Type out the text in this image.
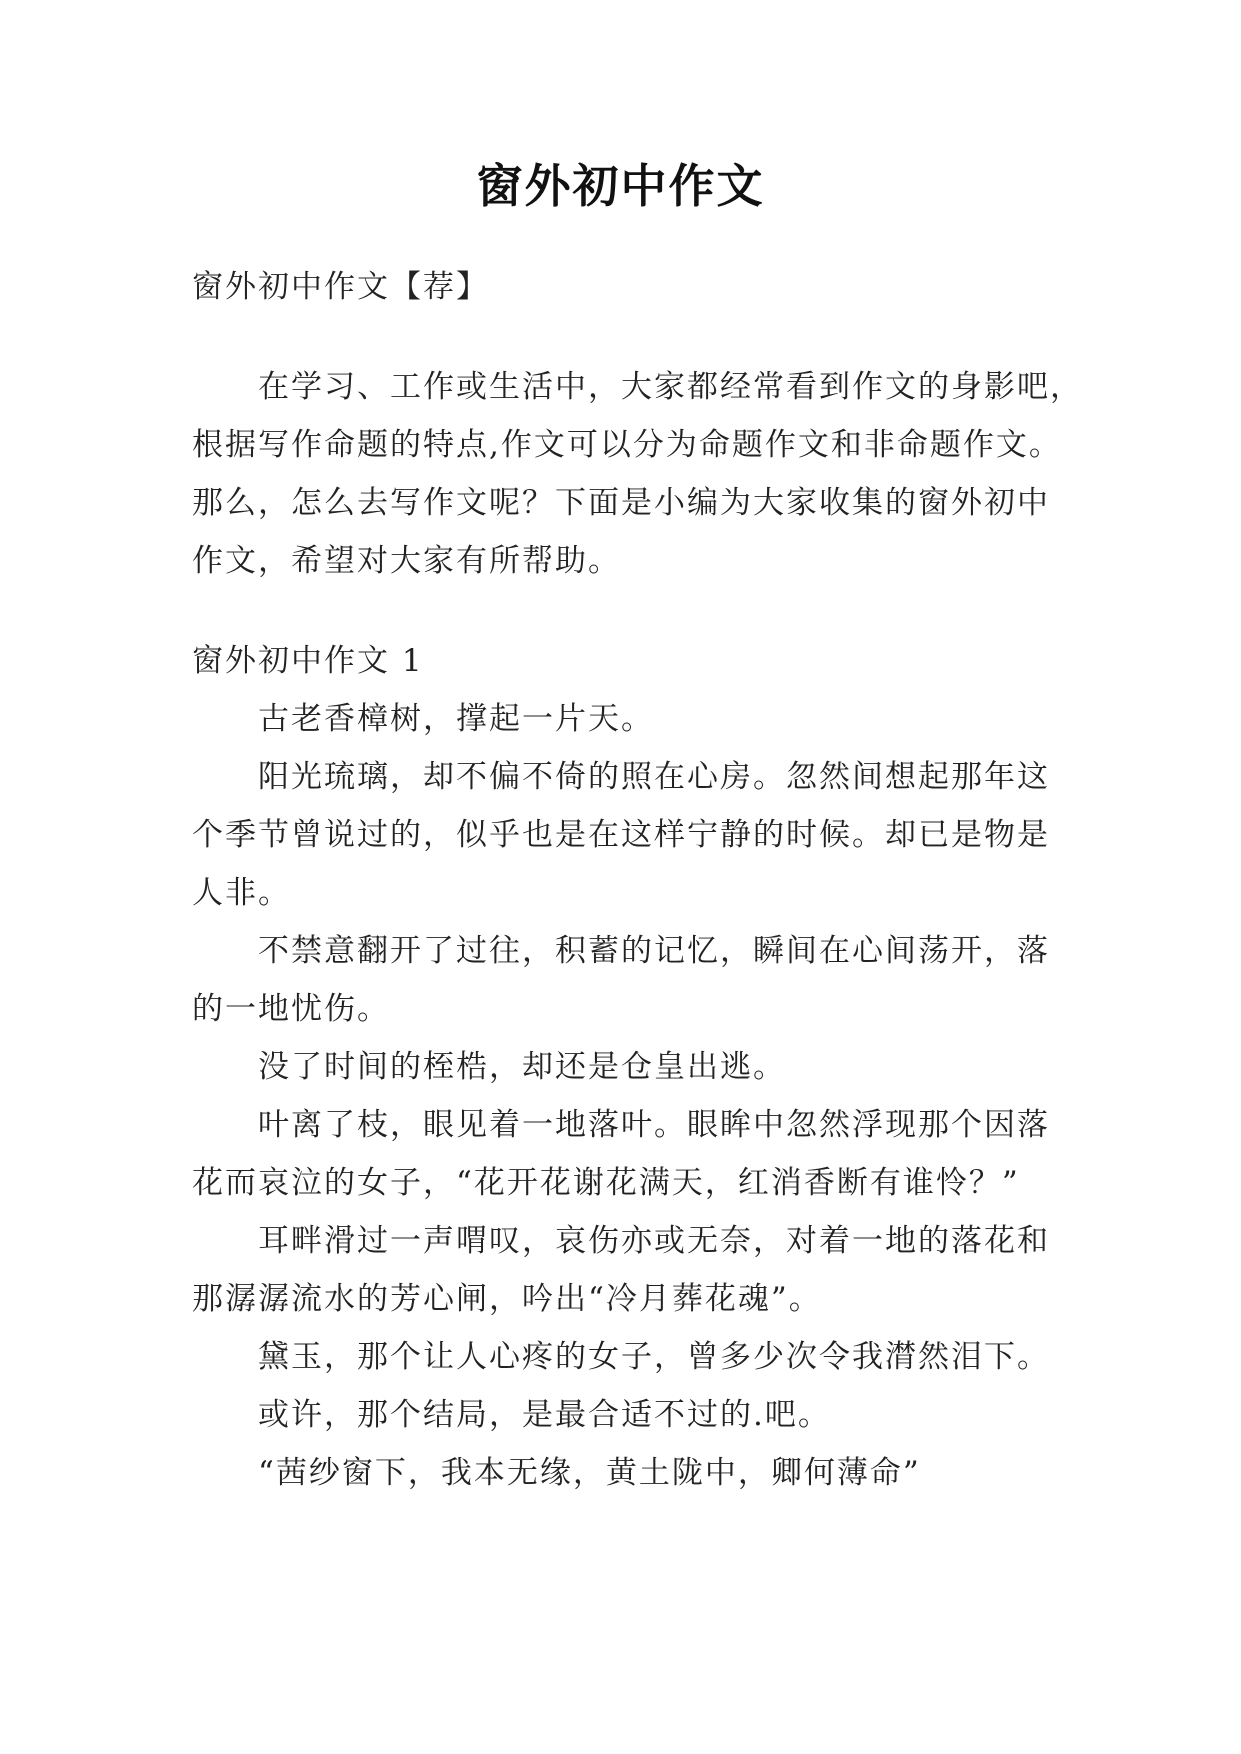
窗外初中作文
窗外初中作文【荐】
在学习、工作或生活中，大家都经常看到作文的身影吧，
根据写作命题的特点,作文可以分为命题作文和非命题作文。
那么，怎么去写作文呢？下面是小编为大家收集的窗外初中
作文，希望对大家有所帮助。
窗外初中作文 1
古老香樟树，撑起一片天。
阳光琉璃，却不偏不倚的照在心房。忽然间想起那年这
个季节曾说过的，似乎也是在这样宁静的时候。却已是物是
人非。
不禁意翻开了过往，积蓄的记忆，瞬间在心间荡开，落
的一地忧伤。
没了时间的桎梏，却还是仓皇出逃。
叶离了枝，眼见着一地落叶。眼眸中忽然浮现那个因落
花而哀泣的女子，“花开花谢花满天，红消香断有谁怜？”
耳畔滑过一声喟叹，哀伤亦或无奈，对着一地的落花和
那潺潺流水的芳心闸，吟出“冷月葬花魂”。
黛玉，那个让人心疼的女子，曾多少次令我潸然泪下。
或许，那个结局，是最合适不过的.吧。
“茜纱窗下，我本无缘，黄土陇中，卿何薄命”
